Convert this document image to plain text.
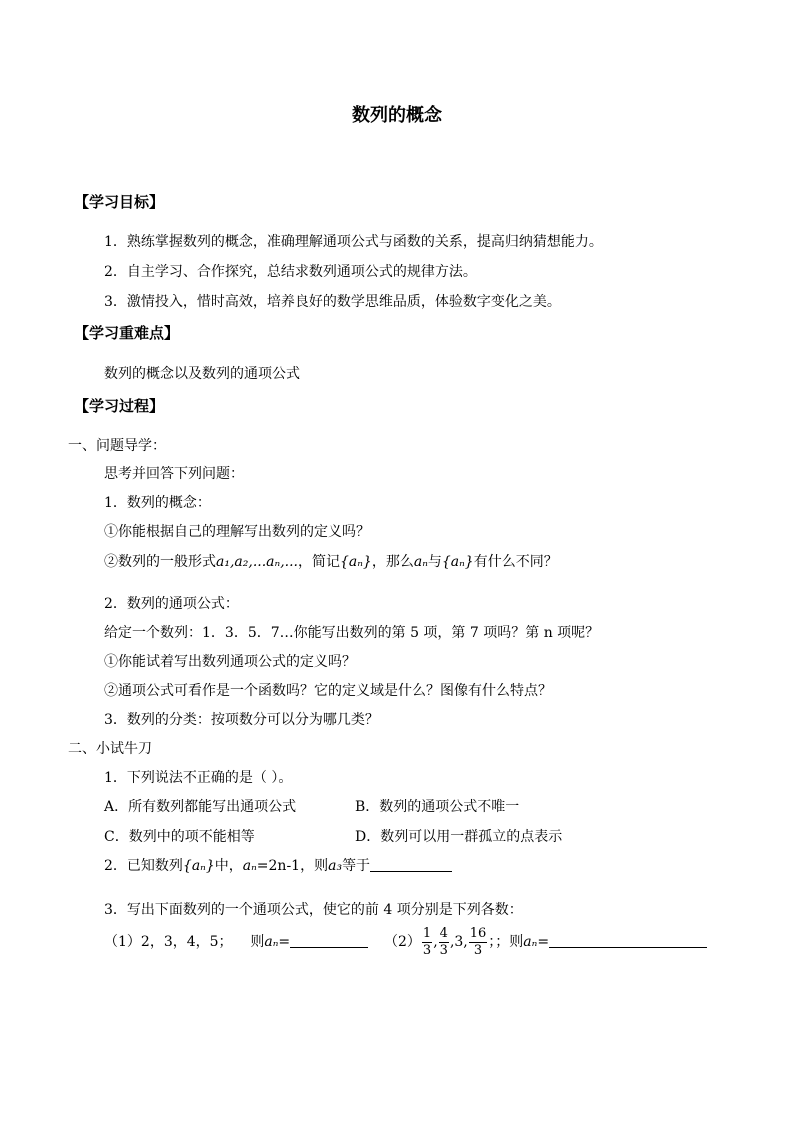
数列的概念
【学习目标】
1．熟练掌握数列的概念，准确理解通项公式与函数的关系，提高归纳猜想能力。
2．自主学习、合作探究，总结求数列通项公式的规律方法。
3．激情投入，惜时高效，培养良好的数学思维品质，体验数字变化之美。
【学习重难点】
数列的概念以及数列的通项公式
【学习过程】
一、问题导学：
思考并回答下列问题：
1．数列的概念：
①你能根据自己的理解写出数列的定义吗？
②数列的一般形式a₁,a₂,...aₙ,...，简记{aₙ}，那么aₙ与{aₙ}有什么不同？
2．数列的通项公式：
给定一个数列：1．3．5．7…你能写出数列的第 5 项，第 7 项吗？第 n 项呢？
①你能试着写出数列通项公式的定义吗？
②通项公式可看作是一个函数吗？它的定义域是什么？图像有什么特点？
3．数列的分类：按项数分可以分为哪几类？
二、小试牛刀
1．下列说法不正确的是（ ）。
A．所有数列都能写出通项公式	B．数列的通项公式不唯一
C．数列中的项不能相等	D．数列可以用一群孤立的点表示
2．已知数列{aₙ}中，aₙ=2n-1，则a₃等于
3．写出下面数列的一个通项公式，使它的前 4 项分别是下列各数：
（1）2，3，4，5； 则aₙ=	$(2) \frac{1}{3}$ , $\frac{4}{3} ,3$, $\frac{16}{3}$ ；；则aₙ=
